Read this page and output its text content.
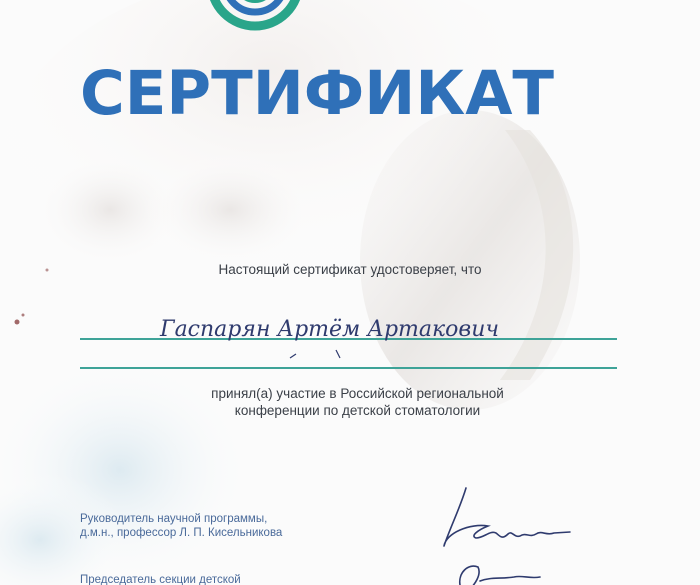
СЕРТИФИКАТ
Настоящий сертификат удостоверяет, что
Гаспарян Артём Артакович
принял(а) участие в Российской региональной
конференции по детской стоматологии
Руководитель научной программы,
д.м.н., профессор Л. П. Кисельникова
Председатель секции детской
